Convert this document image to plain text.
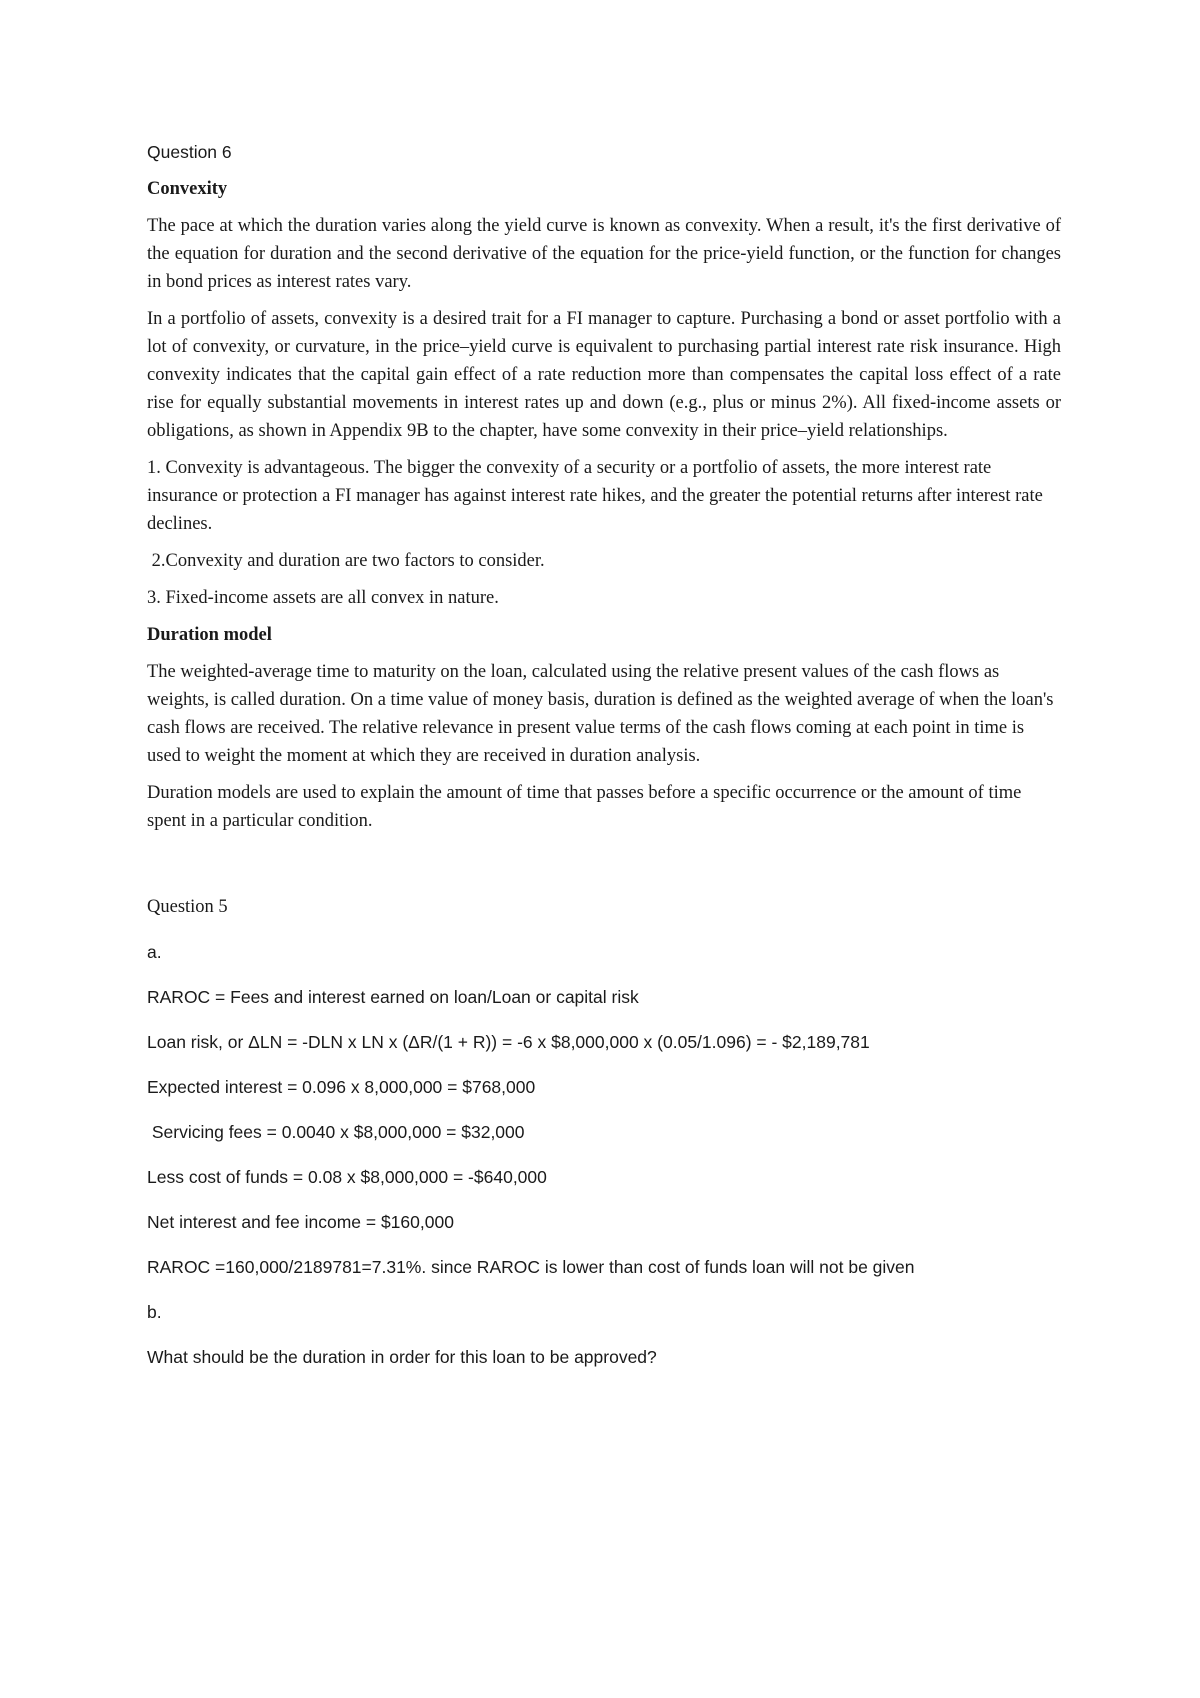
Question 6

Convexity

The pace at which the duration varies along the yield curve is known as convexity. When a result, it's the first derivative of the equation for duration and the second derivative of the equation for the price-yield function, or the function for changes in bond prices as interest rates vary.

In a portfolio of assets, convexity is a desired trait for a FI manager to capture. Purchasing a bond or asset portfolio with a lot of convexity, or curvature, in the price–yield curve is equivalent to purchasing partial interest rate risk insurance. High convexity indicates that the capital gain effect of a rate reduction more than compensates the capital loss effect of a rate rise for equally substantial movements in interest rates up and down (e.g., plus or minus 2%). All fixed-income assets or obligations, as shown in Appendix 9B to the chapter, have some convexity in their price–yield relationships.

1. Convexity is advantageous. The bigger the convexity of a security or a portfolio of assets, the more interest rate insurance or protection a FI manager has against interest rate hikes, and the greater the potential returns after interest rate declines.

2.Convexity and duration are two factors to consider.

3. Fixed-income assets are all convex in nature.

Duration model

The weighted-average time to maturity on the loan, calculated using the relative present values of the cash flows as weights, is called duration. On a time value of money basis, duration is defined as the weighted average of when the loan's cash flows are received. The relative relevance in present value terms of the cash flows coming at each point in time is used to weight the moment at which they are received in duration analysis.

Duration models are used to explain the amount of time that passes before a specific occurrence or the amount of time spent in a particular condition.

Question 5

a.

RAROC = Fees and interest earned on loan/Loan or capital risk

Loan risk, or ΔLN = -DLN x LN x (ΔR/(1 + R)) = -6 x $8,000,000 x (0.05/1.096) = - $2,189,781

Expected interest = 0.096 x 8,000,000 = $768,000

Servicing fees = 0.0040 x $8,000,000 = $32,000

Less cost of funds = 0.08 x $8,000,000 = -$640,000

Net interest and fee income = $160,000

RAROC =160,000/2189781=7.31%. since RAROC is lower than cost of funds loan will not be given

b.

What should be the duration in order for this loan to be approved?
